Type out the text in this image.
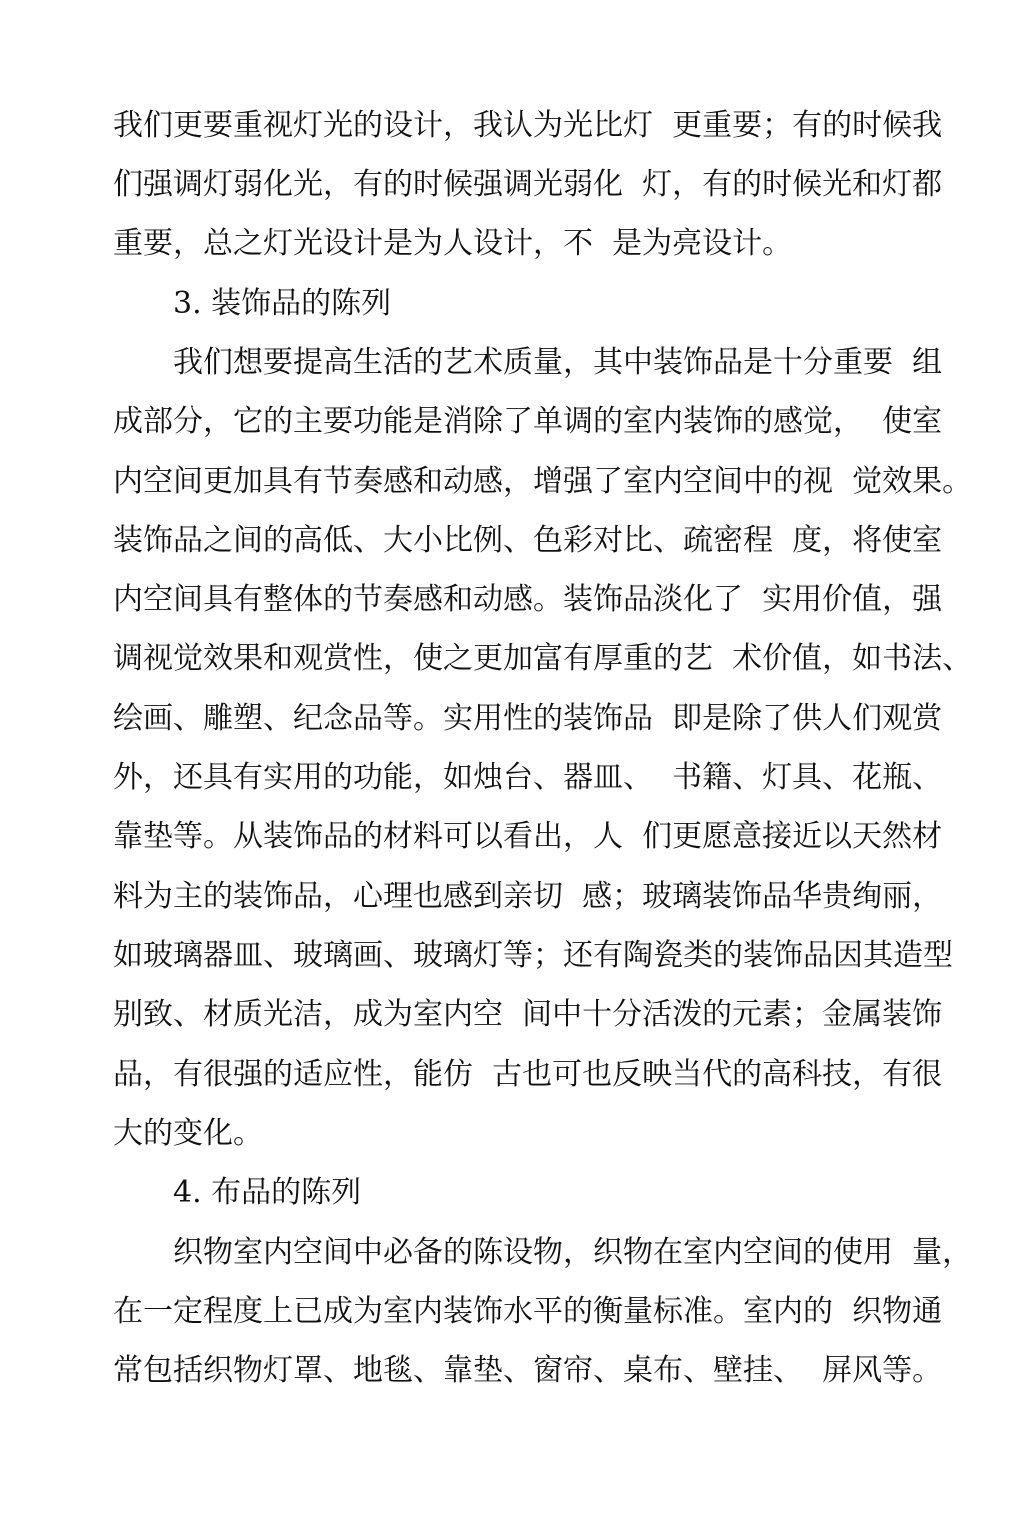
我们更要重视灯光的设计，我认为光比灯  更重要；有的时候我
们强调灯弱化光，有的时候强调光弱化  灯，有的时候光和灯都
重要，总之灯光设计是为人设计，不  是为亮设计。
3. 装饰品的陈列
我们想要提高生活的艺术质量，其中装饰品是十分重要  组
成部分，它的主要功能是消除了单调的室内装饰的感觉，  使室
内空间更加具有节奏感和动感，增强了室内空间中的视  觉效果。
装饰品之间的高低、大小比例、色彩对比、疏密程  度，将使室
内空间具有整体的节奏感和动感。装饰品淡化了  实用价值，强
调视觉效果和观赏性，使之更加富有厚重的艺  术价值，如书法、
绘画、雕塑、纪念品等。实用性的装饰品  即是除了供人们观赏
外，还具有实用的功能，如烛台、器皿、  书籍、灯具、花瓶、
靠垫等。从装饰品的材料可以看出，人  们更愿意接近以天然材
料为主的装饰品，心理也感到亲切  感；玻璃装饰品华贵绚丽，
如玻璃器皿、玻璃画、玻璃灯等；还有陶瓷类的装饰品因其造型
别致、材质光洁，成为室内空  间中十分活泼的元素；金属装饰
品，有很强的适应性，能仿  古也可也反映当代的高科技，有很
大的变化。
4. 布品的陈列
织物室内空间中必备的陈设物，织物在室内空间的使用  量，
在一定程度上已成为室内装饰水平的衡量标准。室内的  织物通
常包括织物灯罩、地毯、靠垫、窗帘、桌布、壁挂、  屏风等。
